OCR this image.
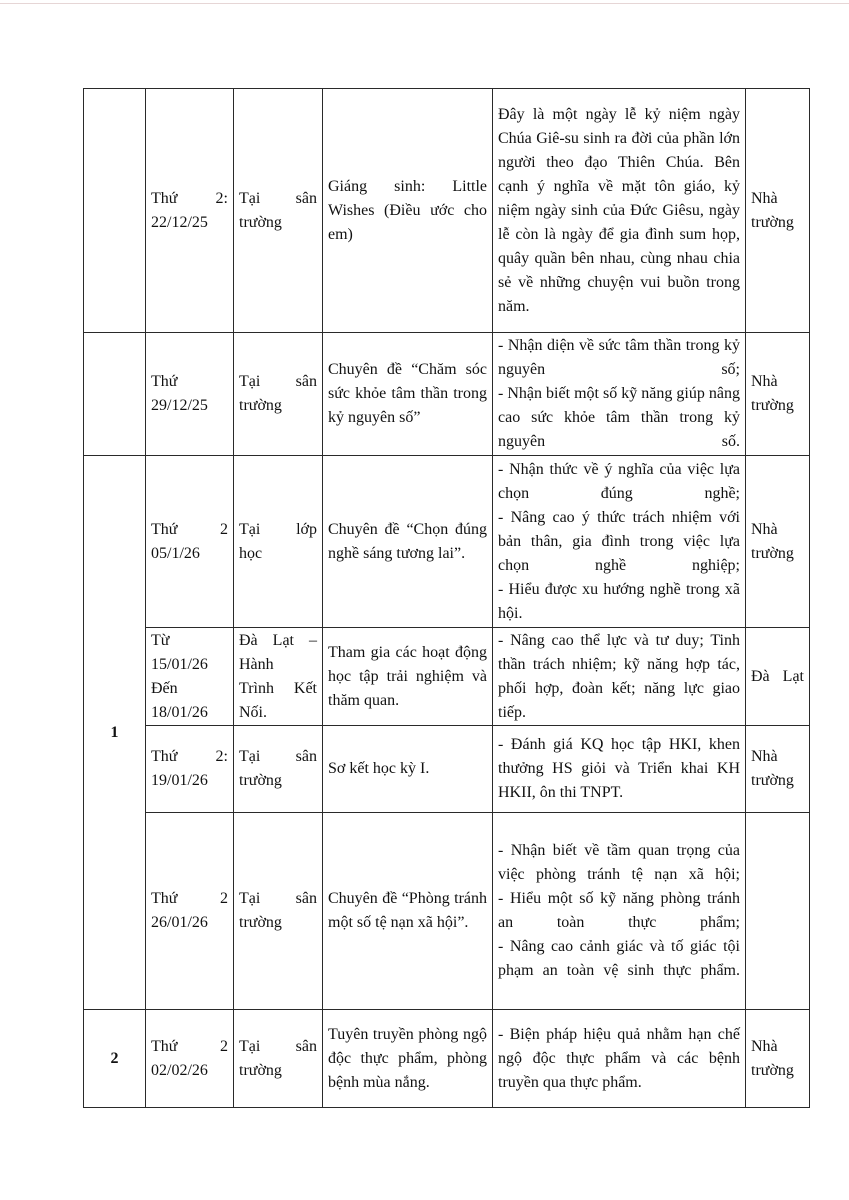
	Thứ 2:
22/12/25	Tại sân
trường	Giáng sinh: Little Wishes (Điều ước cho em)	Đây là một ngày lễ kỷ niệm ngày Chúa Giê-su sinh ra đời của phần lớn người theo đạo Thiên Chúa. Bên cạnh ý nghĩa về mặt tôn giáo, kỷ niệm ngày sinh của Đức Giêsu, ngày lễ còn là ngày để gia đình sum họp, quây quần bên nhau, cùng nhau chia sẻ về những chuyện vui buồn trong năm.	Nhà
trường

	Thứ
29/12/25	Tại sân
trường	Chuyên đề “Chăm sóc sức khỏe tâm thần trong kỷ nguyên số”	- Nhận diện về sức tâm thần trong kỷ nguyên số;
- Nhận biết một số kỹ năng giúp nâng cao sức khỏe tâm thần trong kỷ nguyên số.	Nhà
trường

1	Thứ 2
05/1/26	Tại lớp
học	Chuyên đề “Chọn đúng nghề sáng tương lai”.	- Nhận thức về ý nghĩa của việc lựa chọn đúng nghề;
- Nâng cao ý thức trách nhiệm với bản thân, gia đình trong việc lựa chọn nghề nghiệp;
- Hiểu được xu hướng nghề trong xã hội.	Nhà
trường

	Từ
15/01/26
Đến
18/01/26	Đà Lạt –
Hành
Trình Kết
Nối.	Tham gia các hoạt động học tập trải nghiệm và thăm quan.	- Nâng cao thể lực và tư duy; Tinh thần trách nhiệm; kỹ năng hợp tác, phối hợp, đoàn kết; năng lực giao tiếp.	Đà Lạt

	Thứ 2:
19/01/26	Tại sân
trường	Sơ kết học kỳ I.	- Đánh giá KQ học tập HKI, khen thưởng HS giỏi và Triển khai KH HKII, ôn thi TNPT.	Nhà
trường

	Thứ 2
26/01/26	Tại sân
trường	Chuyên đề “Phòng tránh một số tệ nạn xã hội”.	- Nhận biết về tầm quan trọng của việc phòng tránh tệ nạn xã hội;
- Hiểu một số kỹ năng phòng tránh an toàn thực phẩm;
- Nâng cao cảnh giác và tố giác tội phạm an toàn vệ sinh thực phẩm.	

2	Thứ 2
02/02/26	Tại sân
trường	Tuyên truyền phòng ngộ độc thực phẩm, phòng bệnh mùa nắng.	- Biện pháp hiệu quả nhằm hạn chế ngộ độc thực phẩm và các bệnh truyền qua thực phẩm.	Nhà
trường
